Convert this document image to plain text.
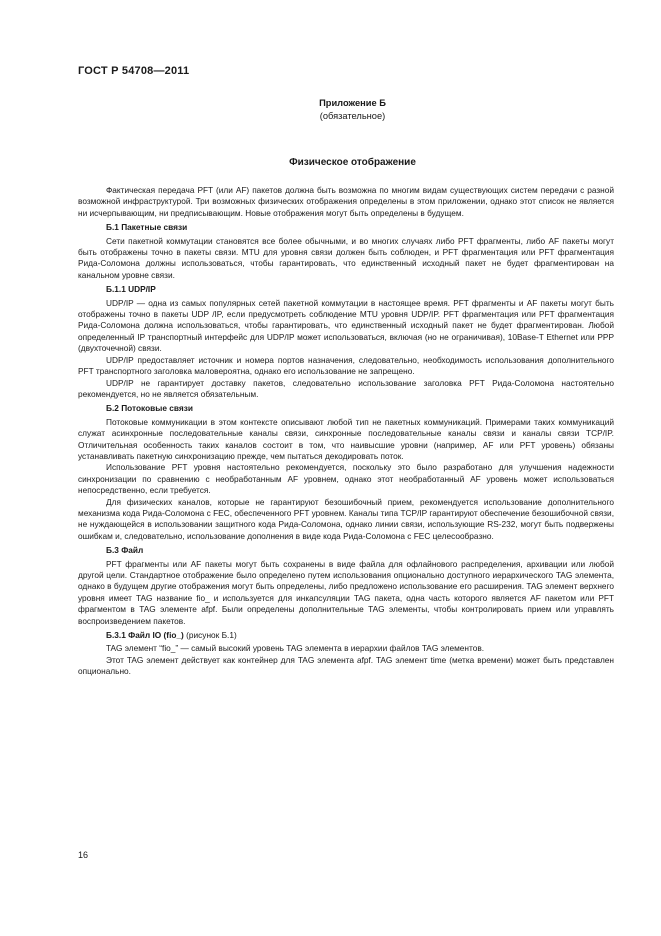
ГОСТ Р 54708—2011
Приложение Б
(обязательное)
Физическое отображение

Фактическая передача PFT (или AF) пакетов должна быть возможна по многим видам существующих систем передачи с разной возможной инфраструктурой. Три возможных физических отображения определены в этом приложении, однако этот список не является ни исчерпывающим, ни предписывающим. Новые отображения могут быть определены в будущем.

Б.1 Пакетные связи

Сети пакетной коммутации становятся все более обычными, и во многих случаях либо PFT фрагменты, либо AF пакеты могут быть отображены точно в пакеты связи. MTU для уровня связи должен быть соблюден, и PFT фрагментация или PFT фрагментация Рида-Соломона должны использоваться, чтобы гарантировать, что единственный исходный пакет не будет фрагментирован на канальном уровне связи.

Б.1.1 UDP/IP

UDP/IP — одна из самых популярных сетей пакетной коммутации в настоящее время. PFT фрагменты и AF пакеты могут быть отображены точно в пакеты UDP /IP, если предусмотреть соблюдение MTU уровня UDP/IP. PFT фрагментация или PFT фрагментация Рида-Соломона должна использоваться, чтобы гарантировать, что единственный исходный пакет не будет фрагментирован. Любой определенный IP транспортный интерфейс для UDP/IP может использоваться, включая (но не ограничивая), 10Base-T Ethernet или PPP (двухточечной) связи.

UDP/IP предоставляет источник и номера портов назначения, следовательно, необходимость использования дополнительного PFT транспортного заголовка маловероятна, однако его использование не запрещено.

UDP/IP не гарантирует доставку пакетов, следовательно использование заголовка PFT Рида-Соломона настоятельно рекомендуется, но не является обязательным.

Б.2 Потоковые связи

Потоковые коммуникации в этом контексте описывают любой тип не пакетных коммуникаций. Примерами таких коммуникаций служат асинхронные последовательные каналы связи, синхронные последовательные каналы связи и каналы связи TCP/IP. Отличительная особенность таких каналов состоит в том, что наивысшие уровни (например, AF или PFT уровень) обязаны устанавливать пакетную синхронизацию прежде, чем пытаться декодировать поток.

Использование PFT уровня настоятельно рекомендуется, поскольку это было разработано для улучшения надежности синхронизации по сравнению с необработанным AF уровнем, однако этот необработанный AF уровень может использоваться непосредственно, если требуется.

Для физических каналов, которые не гарантируют безошибочный прием, рекомендуется использование дополнительного механизма кода Рида-Соломона с FEC, обеспеченного PFT уровнем. Каналы типа TCP/IP гарантируют обеспечение безошибочной связи, не нуждающейся в использовании защитного кода Рида-Соломона, однако линии связи, использующие RS-232, могут быть подвержены ошибкам и, следовательно, использование дополнения в виде кода Рида-Соломона с FEC целесообразно.

Б.3 Файл

PFT фрагменты или AF пакеты могут быть сохранены в виде файла для офлайнового распределения, архивации или любой другой цели. Стандартное отображение было определено путем использования опционально доступного иерархического TAG элемента, однако в будущем другие отображения могут быть определены, либо предложено использование его расширения. TAG элемент верхнего уровня имеет TAG название fio_ и используется для инкапсуляции TAG пакета, одна часть которого является AF пакетом или PFT фрагментом в TAG элементе afpf. Были определены дополнительные TAG элементы, чтобы контролировать прием или управлять воспроизведением пакетов.

Б.3.1 Файл IO (fio_) (рисунок Б.1)

TAG элемент “fio_” — самый высокий уровень TAG элемента в иерархии файлов TAG элементов.

Этот TAG элемент действует как контейнер для TAG элемента afpf. TAG элемент time (метка времени) может быть представлен опционально.

16
